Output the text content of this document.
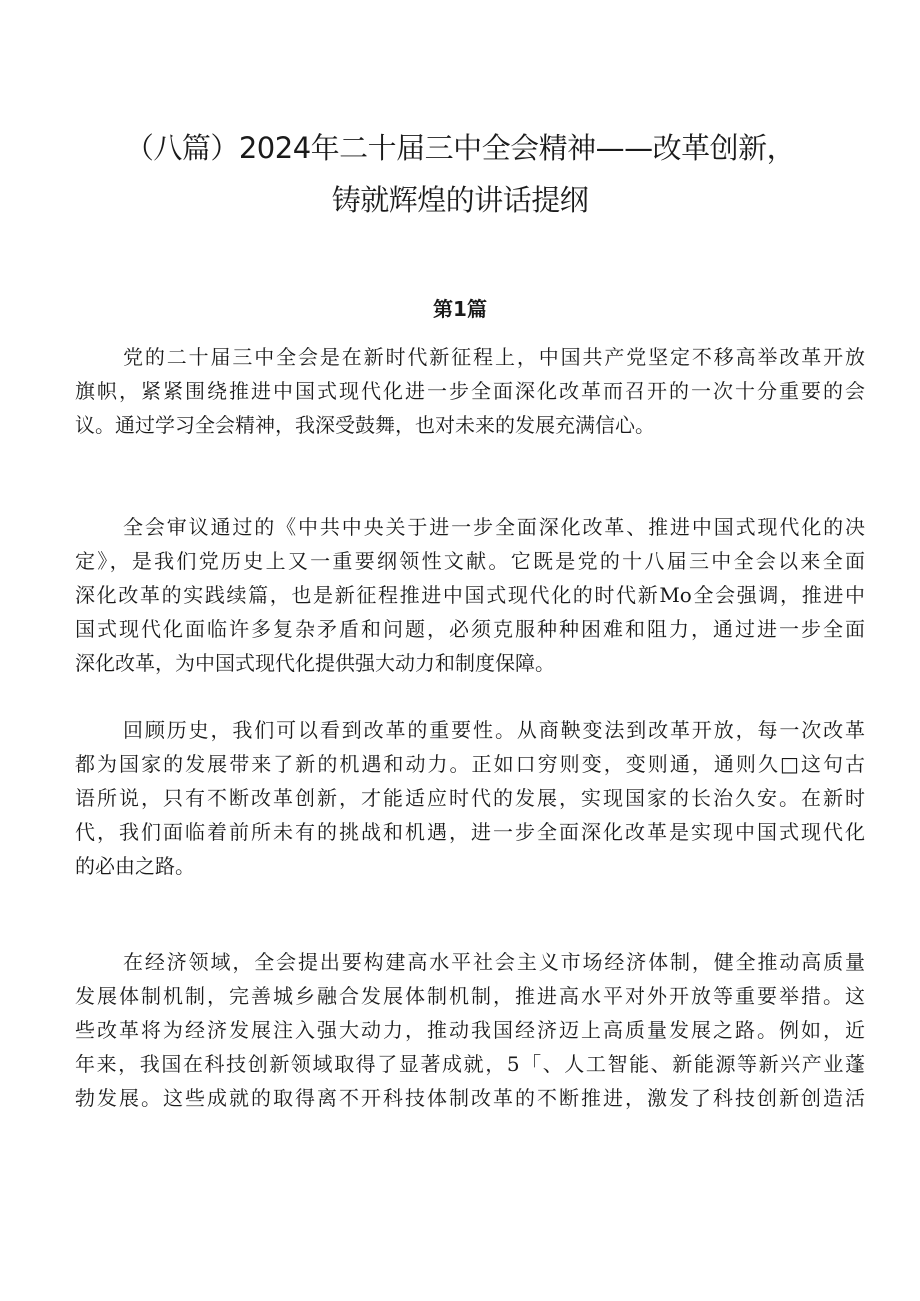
（八篇）2024年二十届三中全会精神——改革创新，
铸就辉煌的讲话提纲
第1篇
党的二十届三中全会是在新时代新征程上，中国共产党坚定不移高举改革开放
旗帜，紧紧围绕推进中国式现代化进一步全面深化改革而召开的一次十分重要的会
议。通过学习全会精神，我深受鼓舞，也对未来的发展充满信心。
全会审议通过的《中共中央关于进一步全面深化改革、推进中国式现代化的决
定》，是我们党历史上又一重要纲领性文献。它既是党的十八届三中全会以来全面
深化改革的实践续篇，也是新征程推进中国式现代化的时代新Mo全会强调，推进中
国式现代化面临许多复杂矛盾和问题，必须克服种种困难和阻力，通过进一步全面
深化改革，为中国式现代化提供强大动力和制度保障。
回顾历史，我们可以看到改革的重要性。从商鞅变法到改革开放，每一次改革
都为国家的发展带来了新的机遇和动力。正如口穷则变，变则通，通则久□这句古
语所说，只有不断改革创新，才能适应时代的发展，实现国家的长治久安。在新时
代，我们面临着前所未有的挑战和机遇，进一步全面深化改革是实现中国式现代化
的必由之路。
在经济领域，全会提出要构建高水平社会主义市场经济体制，健全推动高质量
发展体制机制，完善城乡融合发展体制机制，推进高水平对外开放等重要举措。这
些改革将为经济发展注入强大动力，推动我国经济迈上高质量发展之路。例如，近
年来，我国在科技创新领域取得了显著成就，5「、人工智能、新能源等新兴产业蓬
勃发展。这些成就的取得离不开科技体制改革的不断推进，激发了科技创新创造活
